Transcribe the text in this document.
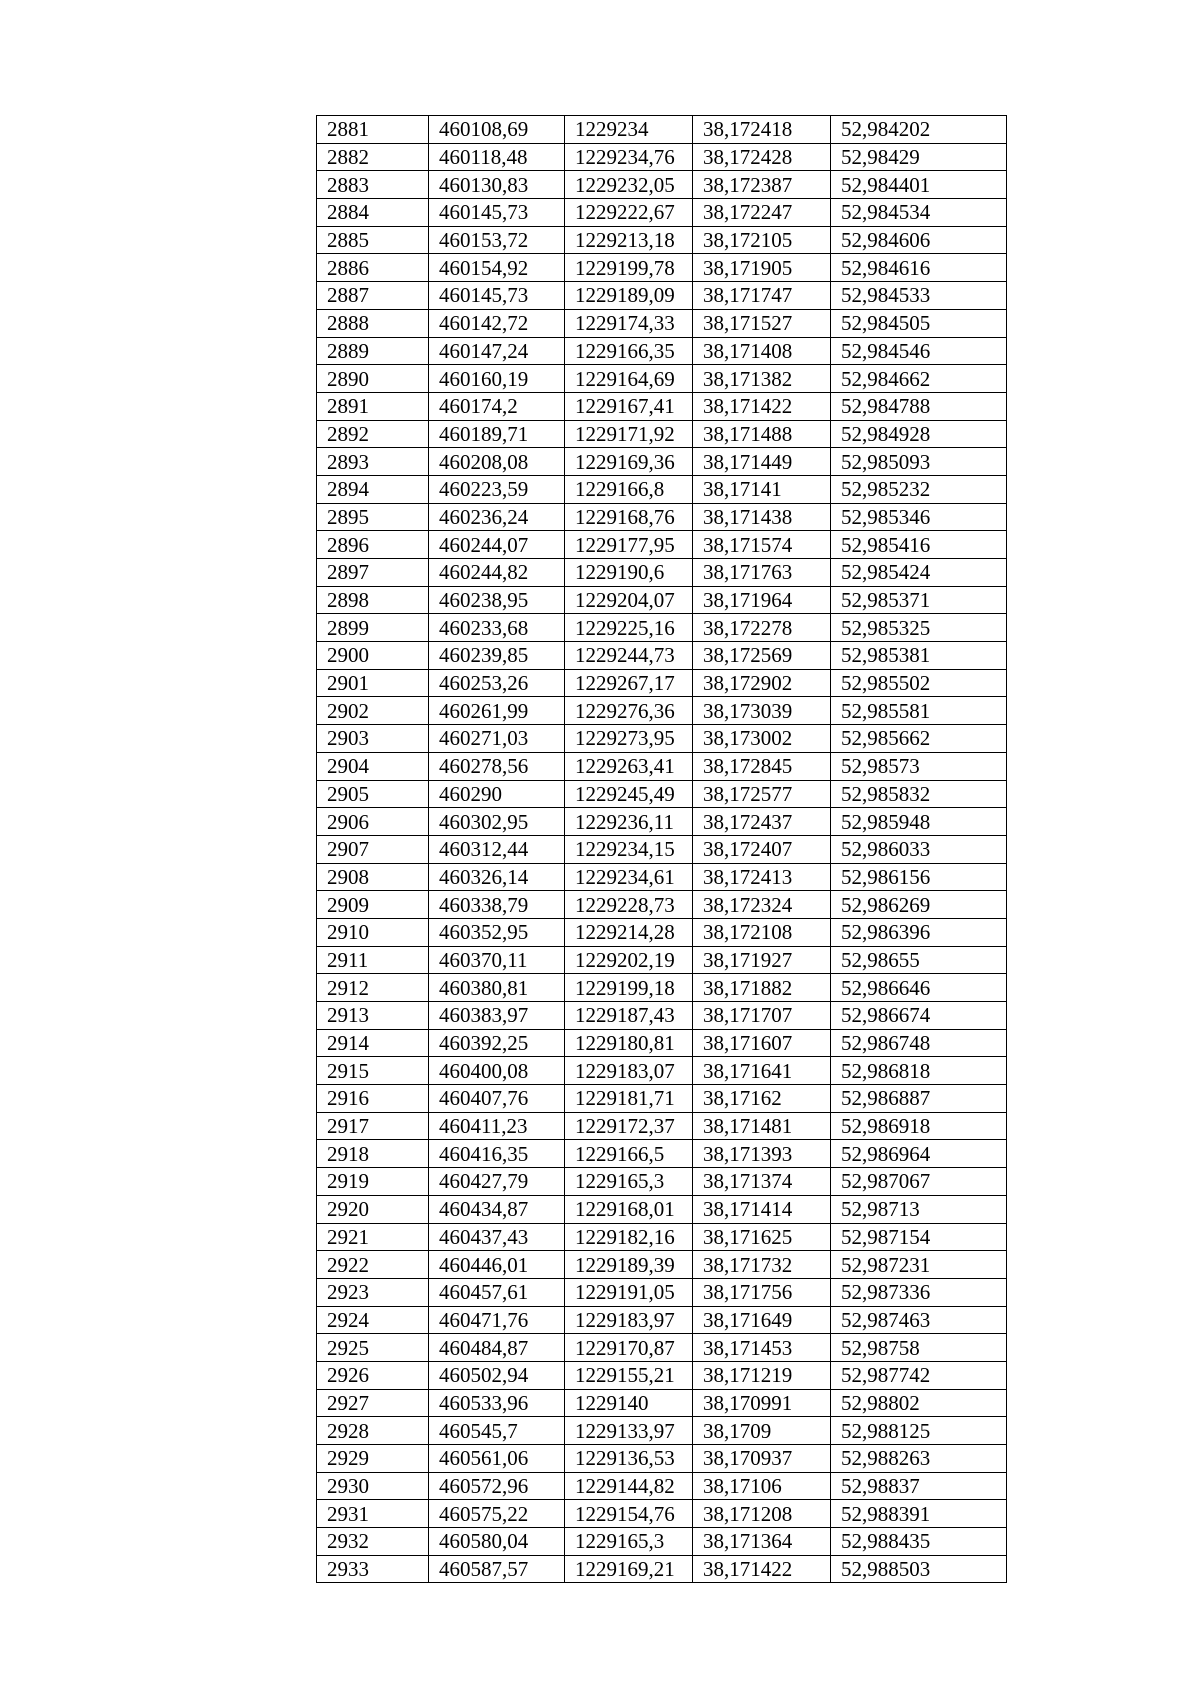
2881	460108,69	1229234	38,172418	52,984202
2882	460118,48	1229234,76	38,172428	52,98429
2883	460130,83	1229232,05	38,172387	52,984401
2884	460145,73	1229222,67	38,172247	52,984534
2885	460153,72	1229213,18	38,172105	52,984606
2886	460154,92	1229199,78	38,171905	52,984616
2887	460145,73	1229189,09	38,171747	52,984533
2888	460142,72	1229174,33	38,171527	52,984505
2889	460147,24	1229166,35	38,171408	52,984546
2890	460160,19	1229164,69	38,171382	52,984662
2891	460174,2	1229167,41	38,171422	52,984788
2892	460189,71	1229171,92	38,171488	52,984928
2893	460208,08	1229169,36	38,171449	52,985093
2894	460223,59	1229166,8	38,17141	52,985232
2895	460236,24	1229168,76	38,171438	52,985346
2896	460244,07	1229177,95	38,171574	52,985416
2897	460244,82	1229190,6	38,171763	52,985424
2898	460238,95	1229204,07	38,171964	52,985371
2899	460233,68	1229225,16	38,172278	52,985325
2900	460239,85	1229244,73	38,172569	52,985381
2901	460253,26	1229267,17	38,172902	52,985502
2902	460261,99	1229276,36	38,173039	52,985581
2903	460271,03	1229273,95	38,173002	52,985662
2904	460278,56	1229263,41	38,172845	52,98573
2905	460290	1229245,49	38,172577	52,985832
2906	460302,95	1229236,11	38,172437	52,985948
2907	460312,44	1229234,15	38,172407	52,986033
2908	460326,14	1229234,61	38,172413	52,986156
2909	460338,79	1229228,73	38,172324	52,986269
2910	460352,95	1229214,28	38,172108	52,986396
2911	460370,11	1229202,19	38,171927	52,98655
2912	460380,81	1229199,18	38,171882	52,986646
2913	460383,97	1229187,43	38,171707	52,986674
2914	460392,25	1229180,81	38,171607	52,986748
2915	460400,08	1229183,07	38,171641	52,986818
2916	460407,76	1229181,71	38,17162	52,986887
2917	460411,23	1229172,37	38,171481	52,986918
2918	460416,35	1229166,5	38,171393	52,986964
2919	460427,79	1229165,3	38,171374	52,987067
2920	460434,87	1229168,01	38,171414	52,98713
2921	460437,43	1229182,16	38,171625	52,987154
2922	460446,01	1229189,39	38,171732	52,987231
2923	460457,61	1229191,05	38,171756	52,987336
2924	460471,76	1229183,97	38,171649	52,987463
2925	460484,87	1229170,87	38,171453	52,98758
2926	460502,94	1229155,21	38,171219	52,987742
2927	460533,96	1229140	38,170991	52,98802
2928	460545,7	1229133,97	38,1709	52,988125
2929	460561,06	1229136,53	38,170937	52,988263
2930	460572,96	1229144,82	38,17106	52,98837
2931	460575,22	1229154,76	38,171208	52,988391
2932	460580,04	1229165,3	38,171364	52,988435
2933	460587,57	1229169,21	38,171422	52,988503
